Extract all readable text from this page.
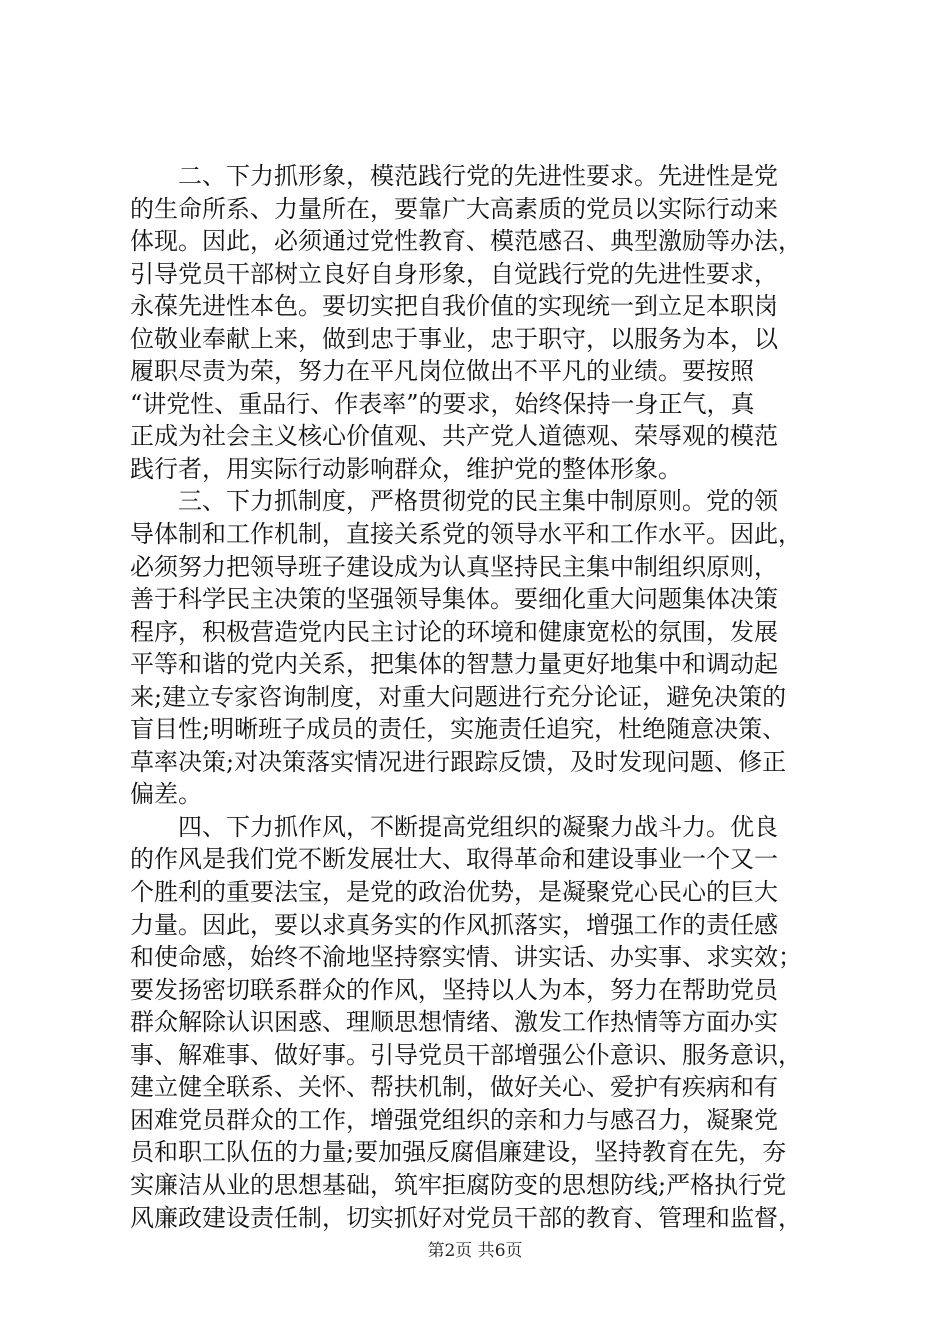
二、下力抓形象，模范践行党的先进性要求。先进性是党
的生命所系、力量所在，要靠广大高素质的党员以实际行动来
体现。因此，必须通过党性教育、模范感召、典型激励等办法，
引导党员干部树立良好自身形象，自觉践行党的先进性要求，
永葆先进性本色。要切实把自我价值的实现统一到立足本职岗
位敬业奉献上来，做到忠于事业，忠于职守，以服务为本，以
履职尽责为荣，努力在平凡岗位做出不平凡的业绩。要按照
“讲党性、重品行、作表率”的要求，始终保持一身正气，真
正成为社会主义核心价值观、共产党人道德观、荣辱观的模范
践行者，用实际行动影响群众，维护党的整体形象。
三、下力抓制度，严格贯彻党的民主集中制原则。党的领
导体制和工作机制，直接关系党的领导水平和工作水平。因此，
必须努力把领导班子建设成为认真坚持民主集中制组织原则，
善于科学民主决策的坚强领导集体。要细化重大问题集体决策
程序，积极营造党内民主讨论的环境和健康宽松的氛围，发展
平等和谐的党内关系，把集体的智慧力量更好地集中和调动起
来;建立专家咨询制度，对重大问题进行充分论证，避免决策的
盲目性;明晰班子成员的责任，实施责任追究，杜绝随意决策、
草率决策;对决策落实情况进行跟踪反馈，及时发现问题、修正
偏差。
四、下力抓作风，不断提高党组织的凝聚力战斗力。优良
的作风是我们党不断发展壮大、取得革命和建设事业一个又一
个胜利的重要法宝，是党的政治优势，是凝聚党心民心的巨大
力量。因此，要以求真务实的作风抓落实，增强工作的责任感
和使命感，始终不渝地坚持察实情、讲实话、办实事、求实效；
要发扬密切联系群众的作风，坚持以人为本，努力在帮助党员
群众解除认识困惑、理顺思想情绪、激发工作热情等方面办实
事、解难事、做好事。引导党员干部增强公仆意识、服务意识，
建立健全联系、关怀、帮扶机制，做好关心、爱护有疾病和有
困难党员群众的工作，增强党组织的亲和力与感召力，凝聚党
员和职工队伍的力量;要加强反腐倡廉建设，坚持教育在先，夯
实廉洁从业的思想基础，筑牢拒腐防变的思想防线;严格执行党
风廉政建设责任制，切实抓好对党员干部的教育、管理和监督，
第2页 共6页
